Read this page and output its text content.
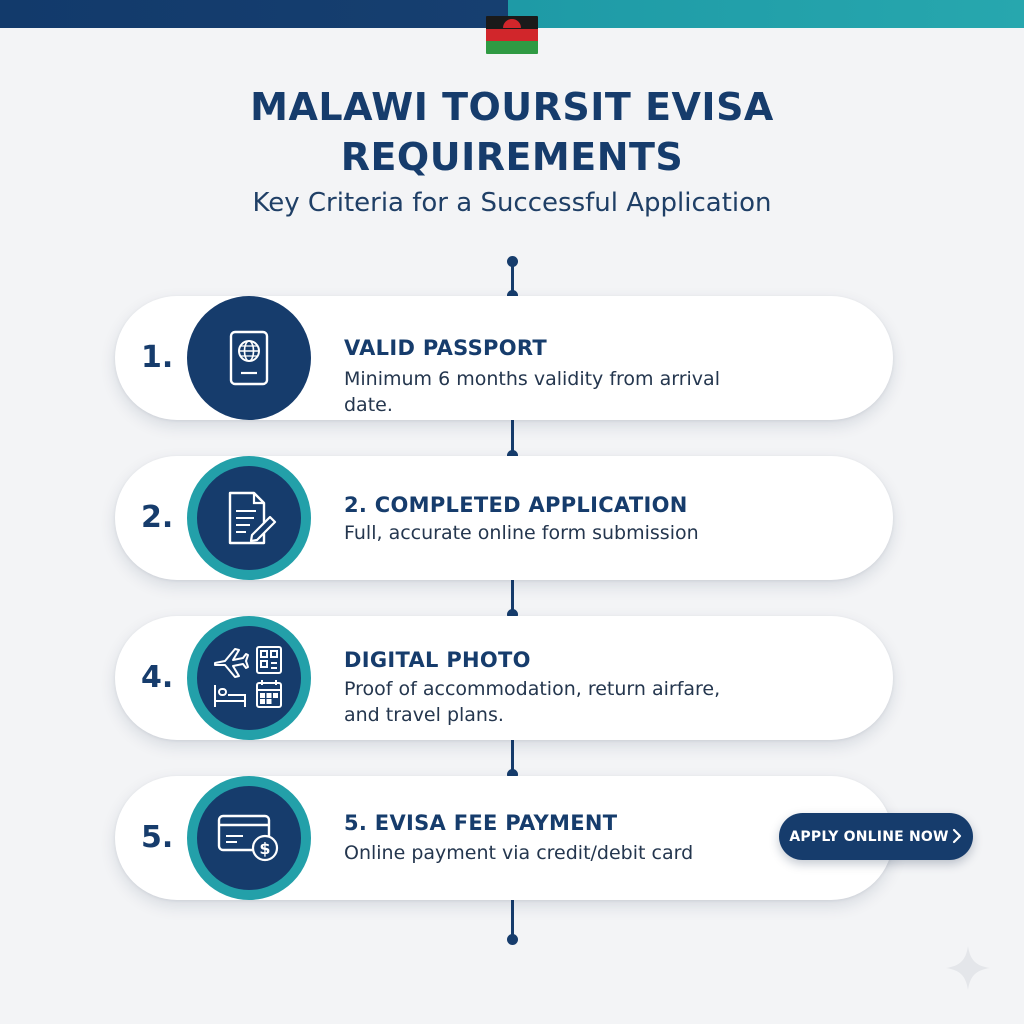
MALAWI TOURSIT EVISA
REQUIREMENTS
Key Criteria for a Successful Application
1.	VALID PASSPORT
Minimum 6 months validity from arrival date.
2.	2. COMPLETED APPLICATION
Full, accurate online form submission
4.	DIGITAL PHOTO
Proof of accommodation, return airfare, and travel plans.
5.	$
5. EVISA FEE PAYMENT
Online payment via credit/debit card
APPLY ONLINE NOW
